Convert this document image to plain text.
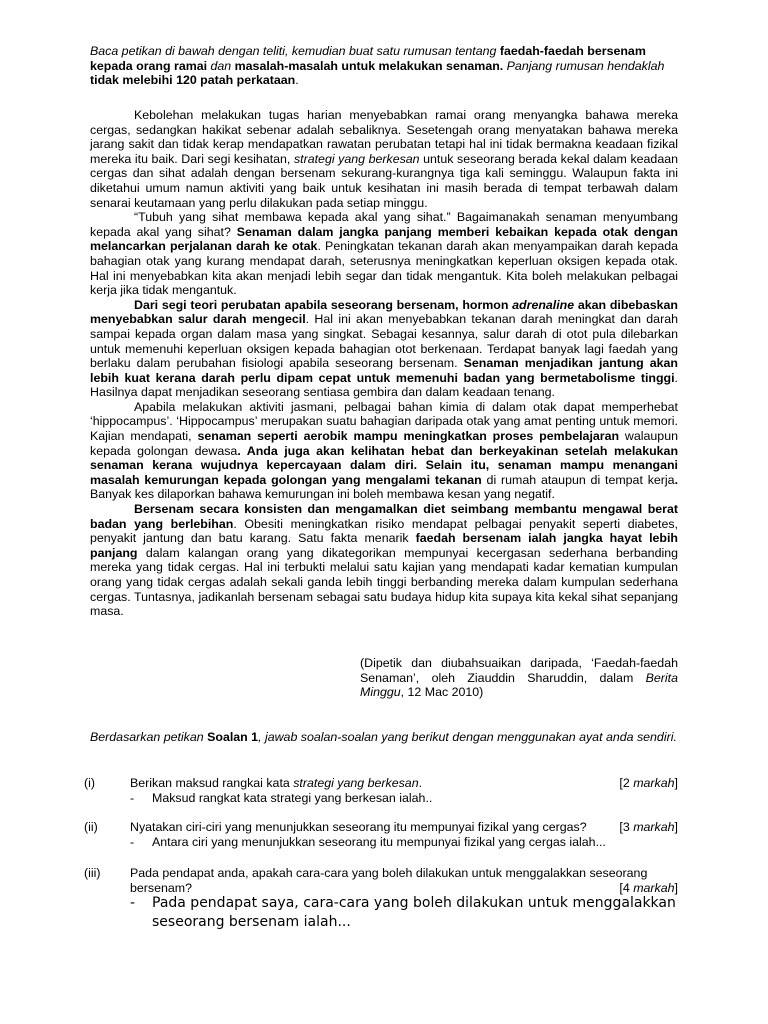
Baca petikan di bawah dengan teliti, kemudian buat satu rumusan tentang faedah-faedah bersenam kepada orang ramai dan masalah-masalah untuk melakukan senaman. Panjang rumusan hendaklah tidak melebihi 120 patah perkataan.

Kebolehan melakukan tugas harian menyebabkan ramai orang menyangka bahawa mereka cergas, sedangkan hakikat sebenar adalah sebaliknya. Sesetengah orang menyatakan bahawa mereka jarang sakit dan tidak kerap mendapatkan rawatan perubatan tetapi hal ini tidak bermakna keadaan fizikal mereka itu baik. Dari segi kesihatan, strategi yang berkesan untuk seseorang berada kekal dalam keadaan cergas dan sihat adalah dengan bersenam sekurang-kurangnya tiga kali seminggu. Walaupun fakta ini diketahui umum namun aktiviti yang baik untuk kesihatan ini masih berada di tempat terbawah dalam senarai keutamaan yang perlu dilakukan pada setiap minggu.

“Tubuh yang sihat membawa kepada akal yang sihat.” Bagaimanakah senaman menyumbang kepada akal yang sihat? Senaman dalam jangka panjang memberi kebaikan kepada otak dengan melancarkan perjalanan darah ke otak. Peningkatan tekanan darah akan menyampaikan darah kepada bahagian otak yang kurang mendapat darah, seterusnya meningkatkan keperluan oksigen kepada otak. Hal ini menyebabkan kita akan menjadi lebih segar dan tidak mengantuk. Kita boleh melakukan pelbagai kerja jika tidak mengantuk.

Dari segi teori perubatan apabila seseorang bersenam, hormon adrenaline akan dibebaskan menyebabkan salur darah mengecil. Hal ini akan menyebabkan tekanan darah meningkat dan darah sampai kepada organ dalam masa yang singkat. Sebagai kesannya, salur darah di otot pula dilebarkan untuk memenuhi keperluan oksigen kepada bahagian otot berkenaan. Terdapat banyak lagi faedah yang berlaku dalam perubahan fisiologi apabila seseorang bersenam. Senaman menjadikan jantung akan lebih kuat kerana darah perlu dipam cepat untuk memenuhi badan yang bermetabolisme tinggi. Hasilnya dapat menjadikan seseorang sentiasa gembira dan dalam keadaan tenang.

Apabila melakukan aktiviti jasmani, pelbagai bahan kimia di dalam otak dapat memperhebat ‘hippocampus’. ‘Hippocampus’ merupakan suatu bahagian daripada otak yang amat penting untuk memori. Kajian mendapati, senaman seperti aerobik mampu meningkatkan proses pembelajaran walaupun kepada golongan dewasa. Anda juga akan kelihatan hebat dan berkeyakinan setelah melakukan senaman kerana wujudnya kepercayaan dalam diri. Selain itu, senaman mampu menangani masalah kemurungan kepada golongan yang mengalami tekanan di rumah ataupun di tempat kerja. Banyak kes dilaporkan bahawa kemurungan ini boleh membawa kesan yang negatif.

Bersenam secara konsisten dan mengamalkan diet seimbang membantu mengawal berat badan yang berlebihan. Obesiti meningkatkan risiko mendapat pelbagai penyakit seperti diabetes, penyakit jantung dan batu karang. Satu fakta menarik faedah bersenam ialah jangka hayat lebih panjang dalam kalangan orang yang dikategorikan mempunyai kecergasan sederhana berbanding mereka yang tidak cergas. Hal ini terbukti melalui satu kajian yang mendapati kadar kematian kumpulan orang yang tidak cergas adalah sekali ganda lebih tinggi berbanding mereka dalam kumpulan sederhana cergas. Tuntasnya, jadikanlah bersenam sebagai satu budaya hidup kita supaya kita kekal sihat sepanjang masa.

(Dipetik dan diubahsuaikan daripada, ‘Faedah-faedah Senaman’, oleh Ziauddin Sharuddin, dalam Berita Minggu, 12 Mac 2010)

Berdasarkan petikan Soalan 1, jawab soalan-soalan yang berikut dengan menggunakan ayat anda sendiri.

(i)	Berikan maksud rangkai kata strategi yang berkesan.	[2 markah]
- Maksud rangkat kata strategi yang berkesan ialah..
(ii)	Nyatakan ciri-ciri yang menunjukkan seseorang itu mempunyai fizikal yang cergas?	[3 markah]
- Antara ciri yang menunjukkan seseorang itu mempunyai fizikal yang cergas ialah...
(iii)	Pada pendapat anda, apakah cara-cara yang boleh dilakukan untuk menggalakkan seseorang
bersenam?	[4 markah]
-	Pada pendapat saya, cara-cara yang boleh dilakukan untuk menggalakkan seseorang bersenam ialah...
